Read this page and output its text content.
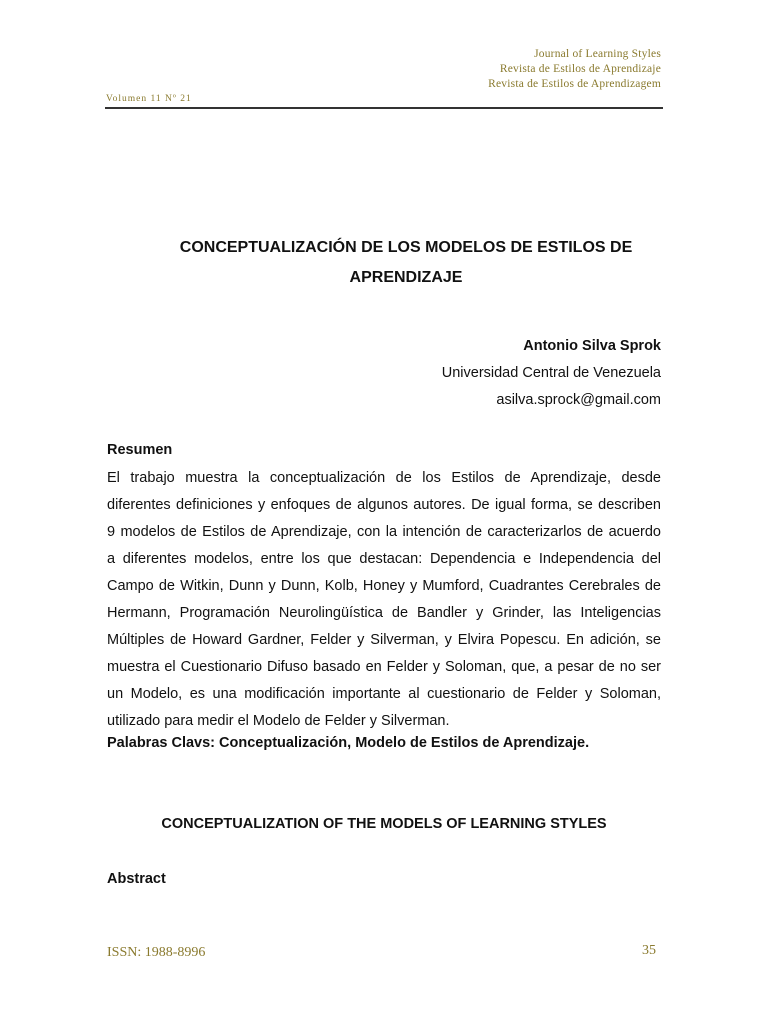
Journal of Learning Styles
Revista de Estilos de Aprendizaje
Revista de Estilos de Aprendizagem
Volumen 11 Nº 21
CONCEPTUALIZACIÓN DE LOS MODELOS DE ESTILOS DE
APRENDIZAJE
Antonio Silva Sprok
Universidad Central de Venezuela
asilva.sprock@gmail.com
Resumen
El trabajo muestra la conceptualización de los Estilos de Aprendizaje, desde
diferentes definiciones y enfoques de algunos autores. De igual forma, se describen
9 modelos de Estilos de Aprendizaje, con la intención de caracterizarlos de acuerdo
a diferentes modelos, entre los que destacan: Dependencia e Independencia del
Campo de Witkin, Dunn y Dunn, Kolb, Honey y Mumford, Cuadrantes Cerebrales de
Hermann, Programación Neurolingüística de Bandler y Grinder, las Inteligencias
Múltiples de Howard Gardner, Felder y Silverman, y Elvira Popescu. En adición, se
muestra el Cuestionario Difuso basado en Felder y Soloman, que, a pesar de no ser
un Modelo, es una modificación importante al cuestionario de Felder y Soloman,
utilizado para medir el Modelo de Felder y Silverman.
Palabras Clavs: Conceptualización, Modelo de Estilos de Aprendizaje.
CONCEPTUALIZATION OF THE MODELS OF LEARNING STYLES
Abstract
ISSN: 1988-8996	35
